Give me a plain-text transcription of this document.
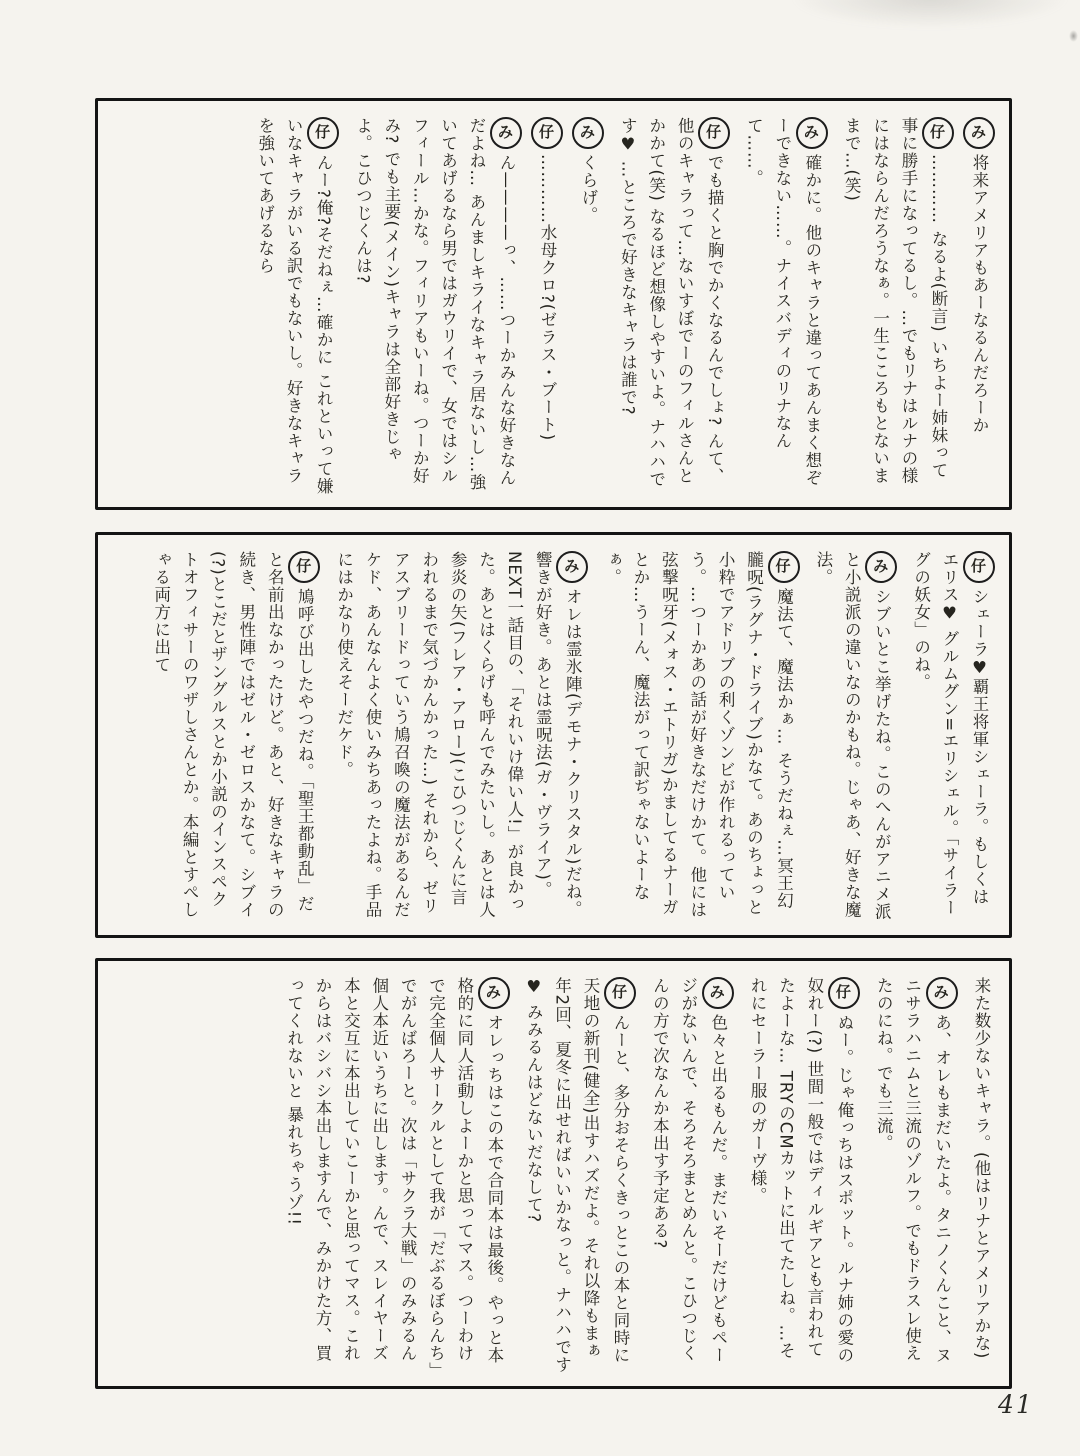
み将来アメリアもあーなるんだろーか
仔………… なるよ(断言) いちよー姉妹って事に勝手になってるし。…でもリナはルナの様にはならんだろうなぁ。一生こころもとないままで…(笑)
み確かに。他のキャラと違ってあんまく想ぞーできない……。ナイスバディのリナなんて……。
仔でも描くと胸でかくなるんでしょ? んて、他のキャラって…ないすぼでーのフィルさんとかかて(笑) なるほど想像しやすいよ。ナハハです♥ …ところで好きなキャラは誰で?
みくらげ。
仔…………水母クロ?(ゼラス・ブート)
みん————っ、……つーかみんな好きなんだよね… あんましキライなキャラ居ないし…強いてあげるなら男ではガウリイで、女ではシルフィール…かな。フィリアもいーね。つーか好み? でも主要(メイン)キャラは全部好きじゃよ。こひつじくんは?
仔んー?俺?そだねぇ…確かに これといって嫌いなキャラがいる訳でもないし。好きなキャラを強いてあげるなら
仔シェーラ♥覇王将軍シェーラ。もしくは エリス♥ グルムグン=エリシェル。「サイラーグの妖女」のね。
みシブいとこ挙げたね。このへんがアニメ派と小説派の違いなのかもね。じゃあ、好きな魔法。
仔魔法て、魔法かぁ… そうだねぇ…冥王幻朧呪(ラグナ・ドライブ)かなて。あのちょっと小粋でアドリブの利くゾンビが作れるっていう。…つーかあの話が好きなだけかて。他には弦撃呪牙(メォス・エトリガ)かましてるナーガとか…うーん、魔法がって訳ぢゃないよーなぁ。
みオレは霊氷陣(デモナ・クリスタル)だね。響きが好き。あとは霊呪法(ガ・ヴライア)。NEXT一話目の、「それいけ偉い人!」が良かった。あとはくらげも呼んでみたいし。あとは人参炎の矢(フレア・アロー)(こひつじくんに言われるまで気づかんかった…) それから、ゼリアスブリードっていう鳩召喚の魔法があるんだケド、あんなんよく使いみちあったよね。手品にはかなり使えそーだケド。
仔鳩呼び出したやつだね。「聖王都動乱」だと名前出なかったけど。あと、好きなキャラの続き、男性陣ではゼル・ゼロスかなて。シブイ(?)とこだとザングルスとか小説のインスペクトオフィサーのワザしさんとか。本編とすぺしゃる両方に出て
来た数少ないキャラ。(他はリナとアメリアかな)
みあ、オレもまだいたよ。タニノくんこと、ヌニサラハニムと三流のゾルフ。でもドラスレ使えたのにね。でも三流。
仔ぬー。じゃ俺っちはスポット。ルナ姉の愛の奴れー(?) 世間一般ではディルギアとも言われてたよーな… TRYのCMカットに出てたしね。…それにセーラー服のガーヴ様。
み色々と出るもんだ。まだいそーだけどもページがないんで、そろそろまとめんと。こひつじくんの方で次なんか本出す予定ある?
仔んーと、多分おそらくきっとこの本と同時に天地の新刊(健全)出すハズだよ。それ以降もまぁ年2回、夏冬に出せればいいかなっと。ナハハです♥ みみるんはどないだなして?
みオレっちはこの本で合同本は最後。やっと本格的に同人活動しよーかと思ってマス。つーわけで完全個人サークルとして我が「だぶるぼらんち」でがんばろーと。次は「サクラ大戦」のみみるん個人本近いうちに出します。んで、スレイヤーズ本と交互に本出していこーかと思ってマス。これからはバシバシ本出しますんで、みかけた方、買ってくれないと 暴れちゃうゾ!!
41
